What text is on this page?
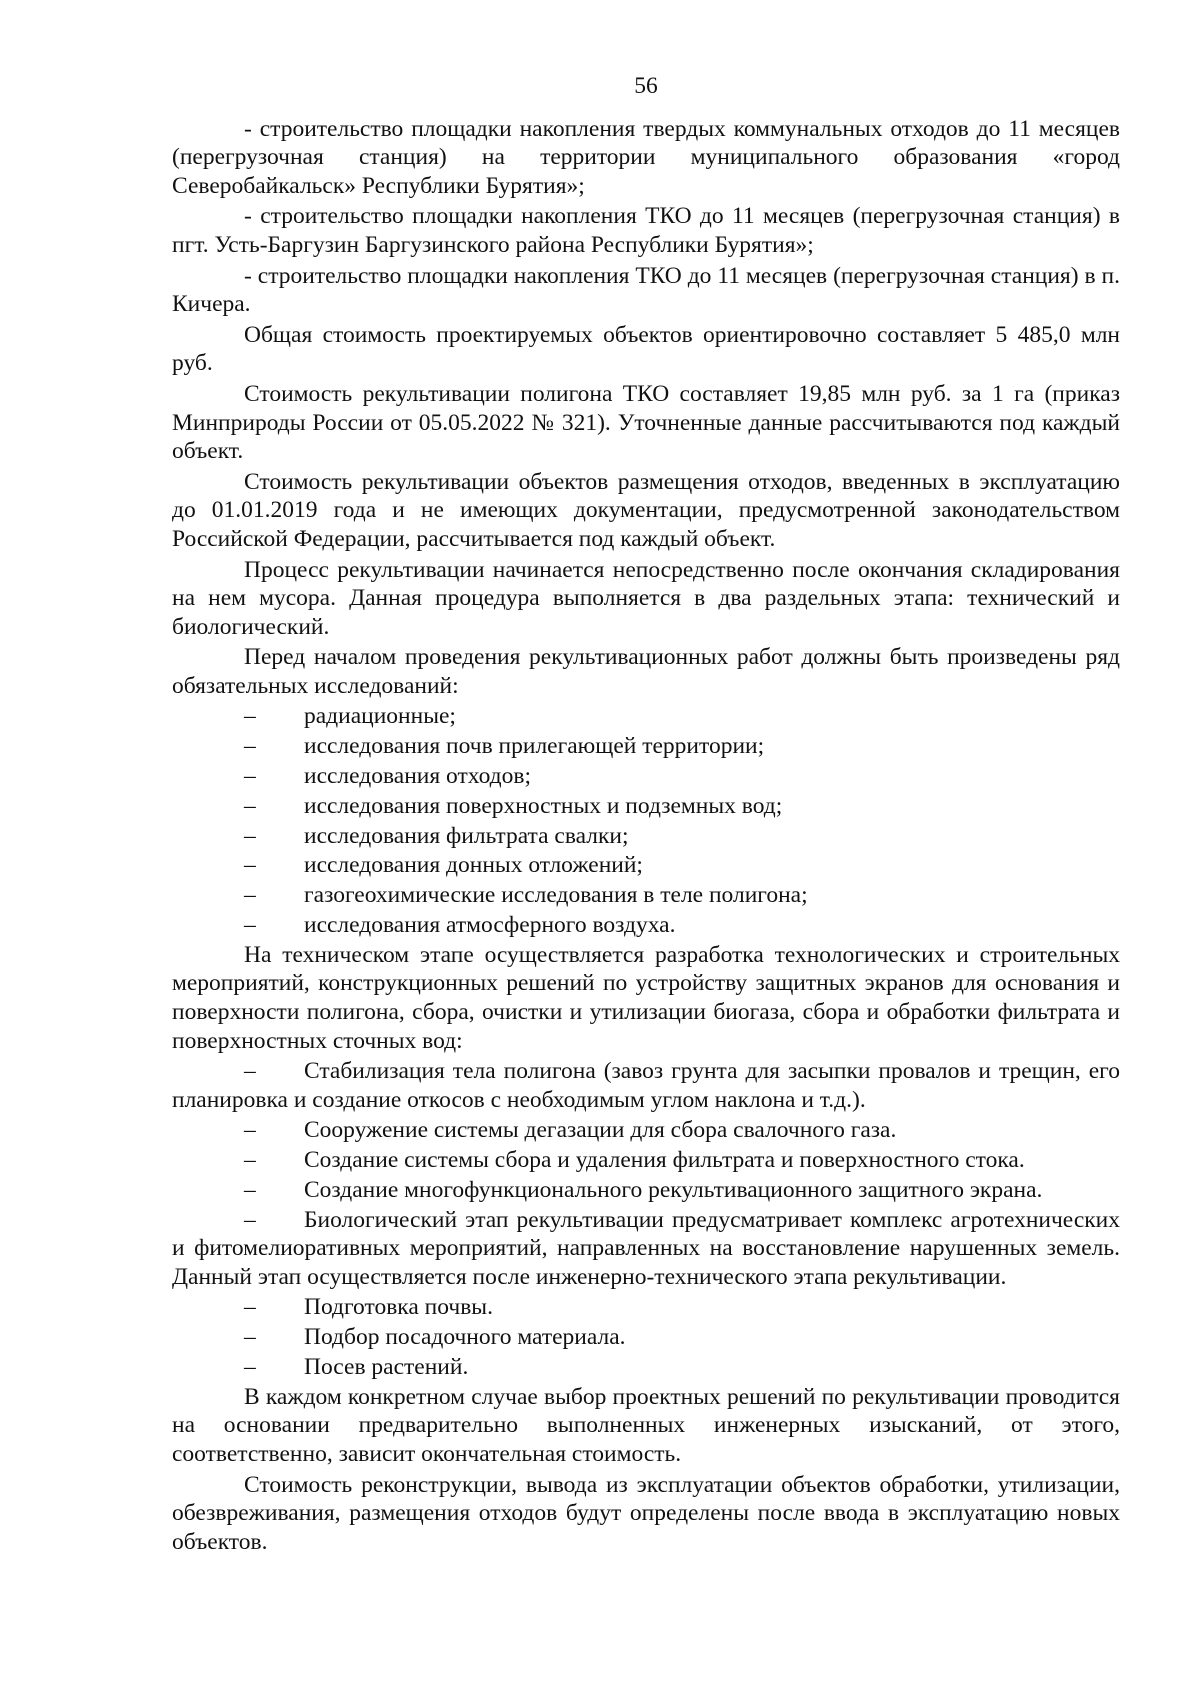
56

- строительство площадки накопления твердых коммунальных отходов до 11 месяцев (перегрузочная станция) на территории муниципального образования «город Северобайкальск» Республики Бурятия»;

- строительство площадки накопления ТКО до 11 месяцев (перегрузочная станция) в пгт. Усть-Баргузин Баргузинского района Республики Бурятия»;

- строительство площадки накопления ТКО до 11 месяцев (перегрузочная станция) в п. Кичера.

Общая стоимость проектируемых объектов ориентировочно составляет 5 485,0 млн руб.

Стоимость рекультивации полигона ТКО составляет 19,85 млн руб. за 1 га (приказ Минприроды России от 05.05.2022 № 321). Уточненные данные рассчитываются под каждый объект.

Стоимость рекультивации объектов размещения отходов, введенных в эксплуатацию до 01.01.2019 года и не имеющих документации, предусмотренной законодательством Российской Федерации, рассчитывается под каждый объект.

Процесс рекультивации начинается непосредственно после окончания складирования на нем мусора. Данная процедура выполняется в два раздельных этапа: технический и биологический.

Перед началом проведения рекультивационных работ должны быть произведены ряд обязательных исследований:

–	радиационные;
–	исследования почв прилегающей территории;
–	исследования отходов;
–	исследования поверхностных и подземных вод;
–	исследования фильтрата свалки;
–	исследования донных отложений;
–	газогеохимические исследования в теле полигона;
–	исследования атмосферного воздуха.

На техническом этапе осуществляется разработка технологических и строительных мероприятий, конструкционных решений по устройству защитных экранов для основания и поверхности полигона, сбора, очистки и утилизации биогаза, сбора и обработки фильтрата и поверхностных сточных вод:

– Стабилизация тела полигона (завоз грунта для засыпки провалов и трещин, его планировка и создание откосов с необходимым углом наклона и т.д.).

–	Сооружение системы дегазации для сбора свалочного газа.
–	Создание системы сбора и удаления фильтрата и поверхностного стока.
–	Создание многофункционального рекультивационного защитного экрана.

– Биологический этап рекультивации предусматривает комплекс агротехнических и фитомелиоративных мероприятий, направленных на восстановление нарушенных земель. Данный этап осуществляется после инженерно-технического этапа рекультивации.

–	Подготовка почвы.
–	Подбор посадочного материала.
–	Посев растений.

В каждом конкретном случае выбор проектных решений по рекультивации проводится на основании предварительно выполненных инженерных изысканий, от этого, соответственно, зависит окончательная стоимость.

Стоимость реконструкции, вывода из эксплуатации объектов обработки, утилизации, обезвреживания, размещения отходов будут определены после ввода в эксплуатацию новых объектов.
